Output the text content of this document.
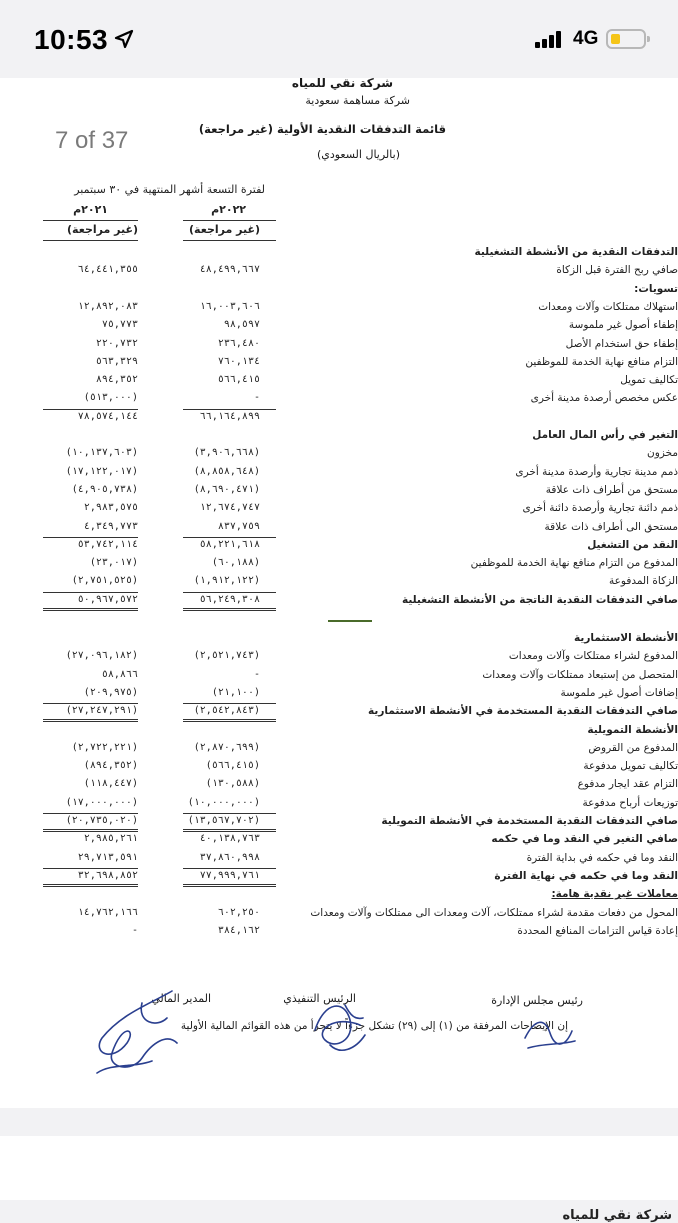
10:53	4G
شركة نقي للمياه
شركة مساهمة سعودية
قائمة التدفقات النقدية الأولية (غير مراجعة)
(بالريال السعودي)
لفترة التسعة أشهر المنتهية في ٣٠ سبتمبر
٢٠٢٢م
٢٠٢١م
(غير مراجعة)
(غير مراجعة)
التدفقات النقدية من الأنشطة التشغيلية
صافي ربح الفترة قبل الزكاة
٤٨,٤٩٩,٦٦٧
٦٤,٤٤١,٣٥٥
تسويات:
استهلاك ممتلكات وآلات ومعدات
١٦,٠٠٣,٦٠٦
١٢,٨٩٢,٠٨٣
إطفاء أصول غير ملموسة
٩٨,٥٩٧
٧٥,٧٧٣
إطفاء حق استخدام الأصل
٢٣٦,٤٨٠
٢٢٠,٧٣٢
التزام منافع نهاية الخدمة للموظفين
٧٦٠,١٣٤
٥٦٣,٣٢٩
تكاليف تمويل
٥٦٦,٤١٥
٨٩٤,٣٥٢
عكس مخصص أرصدة مدينة أخرى
-
(٥١٣,٠٠٠)
٦٦,١٦٤,٨٩٩
٧٨,٥٧٤,١٤٤
التغير في رأس المال العامل
مخزون
(٣,٩٠٦,٦٦٨)
(١٠,١٣٧,٦٠٣)
ذمم مدينة تجارية وأرصدة مدينة أخرى
(٨,٨٥٨,٦٤٨)
(١٧,١٢٢,٠١٧)
مستحق من أطراف ذات علاقة
(٨,٦٩٠,٤٧١)
(٤,٩٠٥,٧٣٨)
ذمم دائنة تجارية وأرصدة دائنة أخرى
١٢,٦٧٤,٧٤٧
٢,٩٨٣,٥٧٥
مستحق الى أطراف ذات علاقة
٨٣٧,٧٥٩
٤,٣٤٩,٧٧٣
النقد من التشغيل
٥٨,٢٢١,٦١٨
٥٣,٧٤٢,١١٤
المدفوع من التزام منافع نهاية الخدمة للموظفين
(٦٠,١٨٨)
(٢٣,٠١٧)
الزكاة المدفوعة
(١,٩١٢,١٢٢)
(٢,٧٥١,٥٢٥)
صافي التدفقات النقدية الناتجة من الأنشطة التشغيلية
٥٦,٢٤٩,٣٠٨
٥٠,٩٦٧,٥٧٢
الأنشطة الاستثمارية
المدفوع لشراء ممتلكات وآلات ومعدات
(٢,٥٢١,٧٤٣)
(٢٧,٠٩٦,١٨٢)
المتحصل من إستبعاد ممتلكات وآلات ومعدات
-
٥٨,٨٦٦
إضافات أصول غير ملموسة
(٢١,١٠٠)
(٢٠٩,٩٧٥)
صافي التدفقات النقدية المستخدمة في الأنشطة الاستثمارية
(٢,٥٤٢,٨٤٣)
(٢٧,٢٤٧,٢٩١)
الأنشطة التمويلية
المدفوع من القروض
(٢,٨٧٠,٦٩٩)
(٢,٧٢٢,٢٢١)
تكاليف تمويل مدفوعة
(٥٦٦,٤١٥)
(٨٩٤,٣٥٢)
التزام عقد ايجار مدفوع
(١٣٠,٥٨٨)
(١١٨,٤٤٧)
توزيعات أرباح مدفوعة
(١٠,٠٠٠,٠٠٠)
(١٧,٠٠٠,٠٠٠)
صافي التدفقات النقدية المستخدمة في الأنشطة التمويلية
(١٣,٥٦٧,٧٠٢)
(٢٠,٧٣٥,٠٢٠)
صافي التغير في النقد وما في حكمه
٤٠,١٣٨,٧٦٣
٢,٩٨٥,٢٦١
النقد وما في حكمه في بداية الفترة
٣٧,٨٦٠,٩٩٨
٢٩,٧١٣,٥٩١
النقد وما في حكمه في نهاية الفترة
٧٧,٩٩٩,٧٦١
٣٢,٦٩٨,٨٥٢
معاملات غير نقدية هامة:
المحول من دفعات مقدمة لشراء ممتلكات، آلات ومعدات الى ممتلكات وآلات ومعدات
٦٠٢,٢٥٠
١٤,٧٦٢,١٦٦
إعادة قياس التزامات المنافع المحددة
٣٨٤,١٦٢
-
رئيس مجلس الإدارة
الرئيس التنفيذي
المدير المالي
إن الإيضاحات المرفقة من (١) إلى (٢٩) تشكل جزءاً لا يتجزأ من هذه القوائم المالية الأولية
7 of 37
شركة نقي للمياه
